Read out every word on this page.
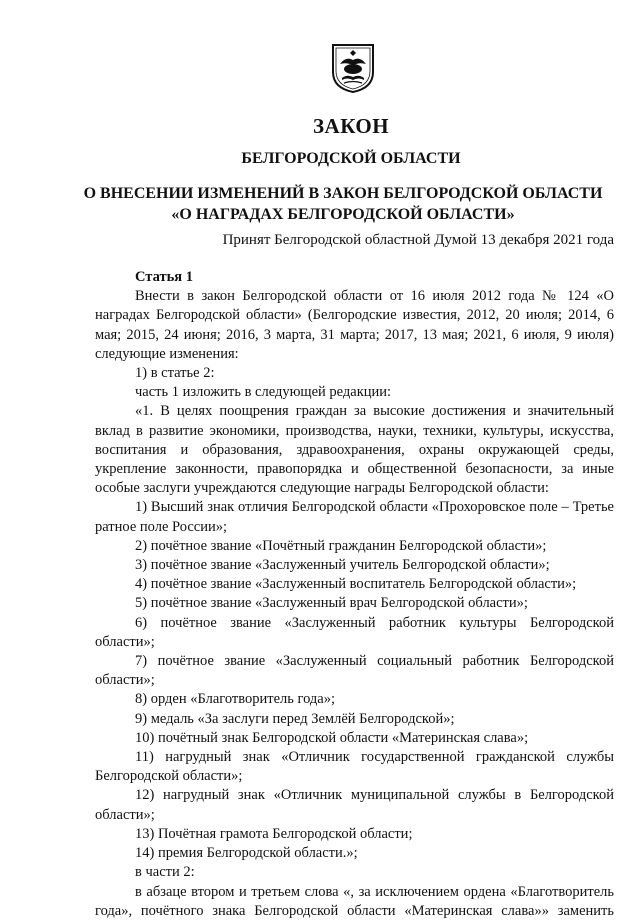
ЗАКОН
БЕЛГОРОДСКОЙ ОБЛАСТИ
О ВНЕСЕНИИ ИЗМЕНЕНИЙ В ЗАКОН БЕЛГОРОДСКОЙ ОБЛАСТИ
«О НАГРАДАХ БЕЛГОРОДСКОЙ ОБЛАСТИ»

Принят Белгородской областной Думой 13 декабря 2021 года

Статья 1

Внести в закон Белгородской области от 16 июля 2012 года № 124 «О наградах Белгородской области» (Белгородские известия, 2012, 20 июля; 2014, 6 мая; 2015, 24 июня; 2016, 3 марта, 31 марта; 2017, 13 мая; 2021, 6 июля, 9 июля) следующие изменения:

1) в статье 2:

часть 1 изложить в следующей редакции:

«1. В целях поощрения граждан за высокие достижения и значительный вклад в развитие экономики, производства, науки, техники, культуры, искусства, воспитания и образования, здравоохранения, охраны окружающей среды, укрепление законности, правопорядка и общественной безопасности, за иные особые заслуги учреждаются следующие награды Белгородской области:

1) Высший знак отличия Белгородской области «Прохоровское поле – Третье ратное поле России»;

2) почётное звание «Почётный гражданин Белгородской области»;

3) почётное звание «Заслуженный учитель Белгородской области»;

4) почётное звание «Заслуженный воспитатель Белгородской области»;

5) почётное звание «Заслуженный врач Белгородской области»;

6) почётное звание «Заслуженный работник культуры Белгородской области»;

7) почётное звание «Заслуженный социальный работник Белгородской области»;

8) орден «Благотворитель года»;

9) медаль «За заслуги перед Землёй Белгородской»;

10) почётный знак Белгородской области «Материнская слава»;

11) нагрудный знак «Отличник государственной гражданской службы Белгородской области»;

12) нагрудный знак «Отличник муниципальной службы в Белгородской области»;

13) Почётная грамота Белгородской области;

14) премия Белгородской области.»;

в части 2:

в абзаце втором и третьем слова «, за исключением ордена «Благотворитель года», почётного знака Белгородской области «Материнская слава»» заменить
